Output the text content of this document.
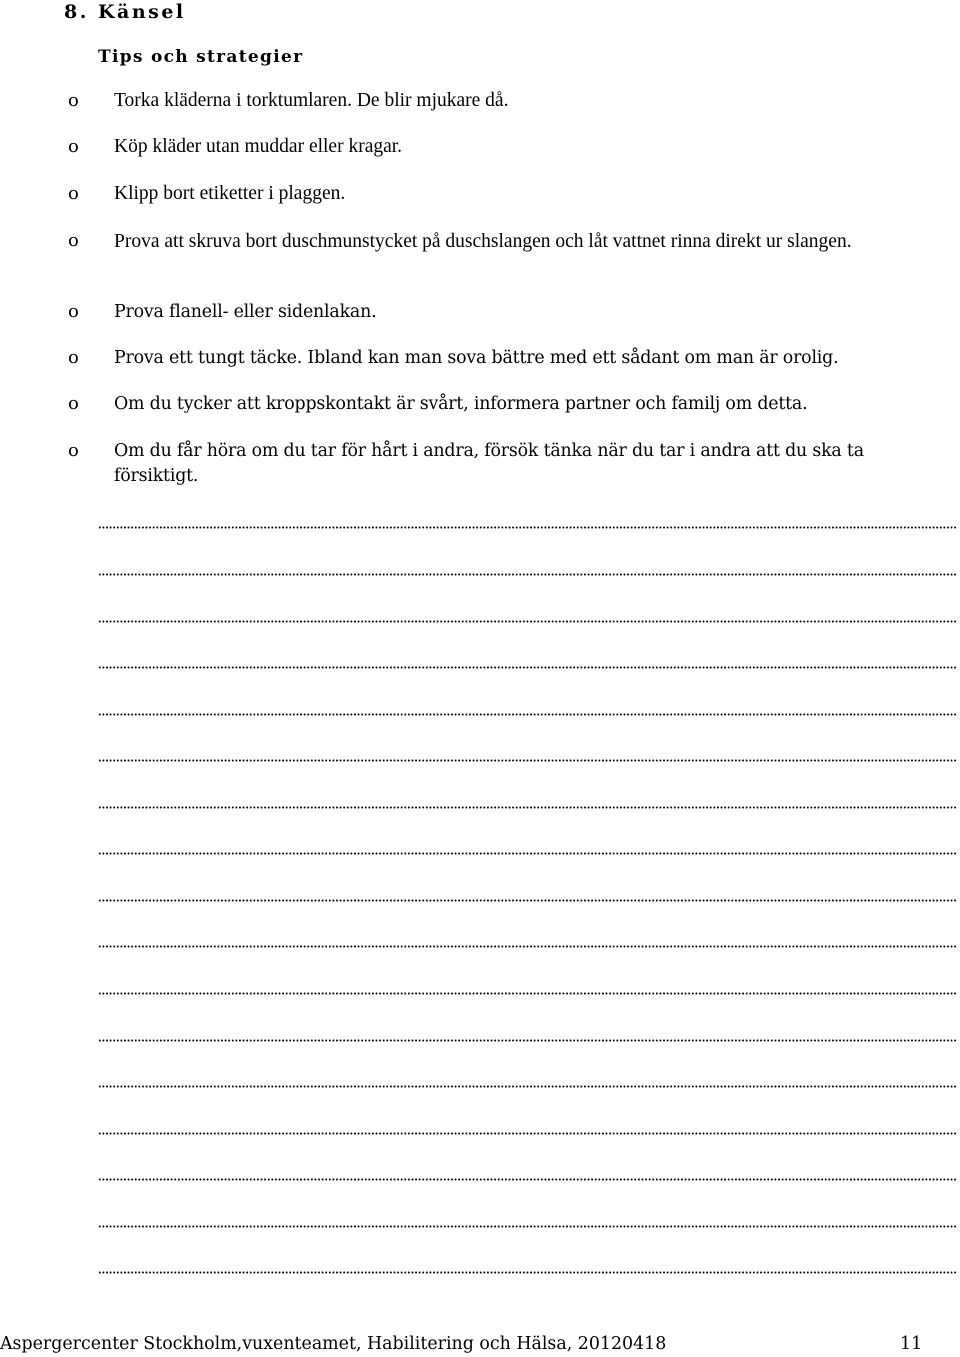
8. Känsel
Tips och strategier
o Torka kläderna i torktumlaren. De blir mjukare då.
o Köp kläder utan muddar eller kragar.
o Klipp bort etiketter i plaggen.
o Prova att skruva bort duschmunstycket på duschslangen och låt vattnet rinna direkt ur slangen.
o Prova flanell- eller sidenlakan.
o Prova ett tungt täcke. Ibland kan man sova bättre med ett sådant om man är orolig.
o Om du tycker att kroppskontakt är svårt, informera partner och familj om detta.
o Om du får höra om du tar för hårt i andra, försök tänka när du tar i andra att du ska ta försiktigt.
Aspergercenter Stockholm,vuxenteamet, Habilitering och Hälsa, 20120418	11
